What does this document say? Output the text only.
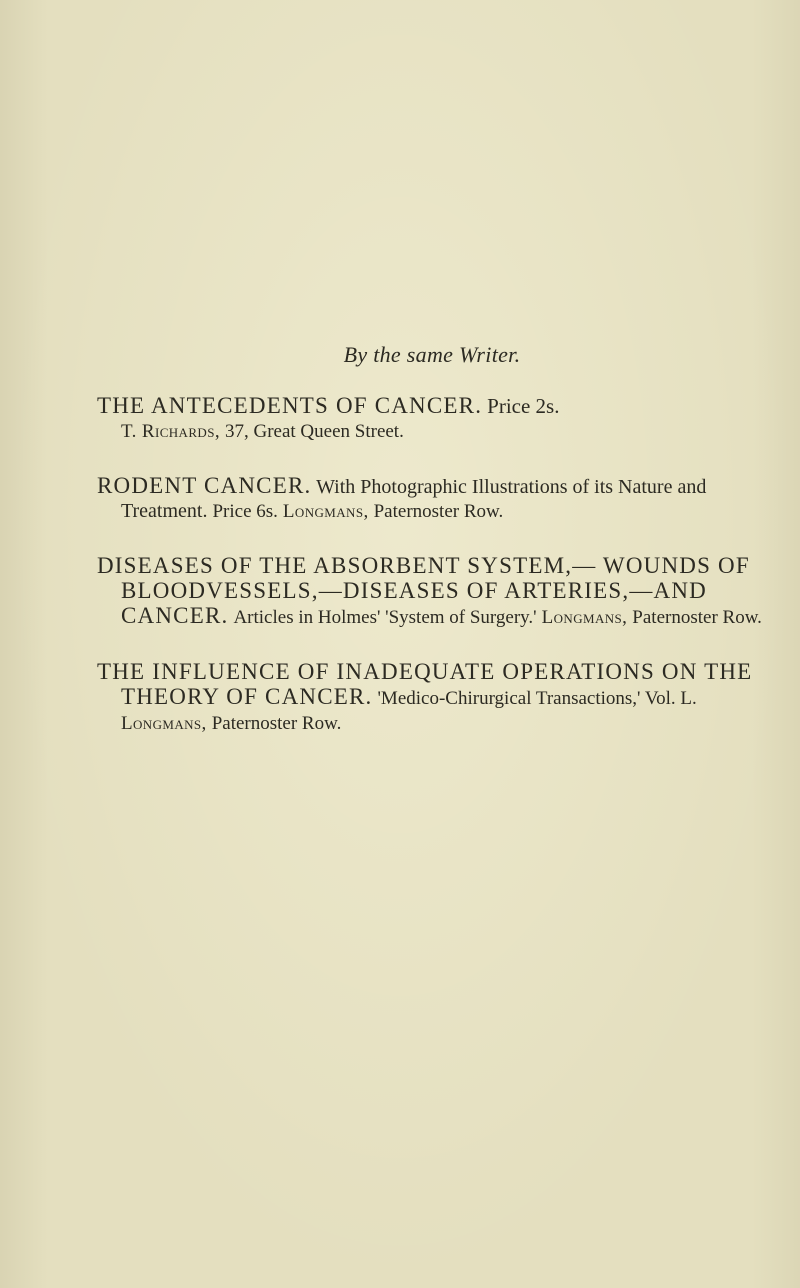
By the same Writer.
THE ANTECEDENTS OF CANCER. Price 2s.
T. Richards, 37, Great Queen Street.
RODENT CANCER. With Photographic Illustrations of its Nature and Treatment. Price 6s. Longmans, Paternoster Row.
DISEASES OF THE ABSORBENT SYSTEM,— WOUNDS OF BLOODVESSELS,—DISEASES OF ARTERIES,—AND CANCER. Articles in Holmes' 'System of Surgery.' Longmans, Paternoster Row.
THE INFLUENCE OF INADEQUATE OPERATIONS ON THE THEORY OF CANCER. 'Medico-Chirurgical Transactions,' Vol. L. Longmans, Paternoster Row.
